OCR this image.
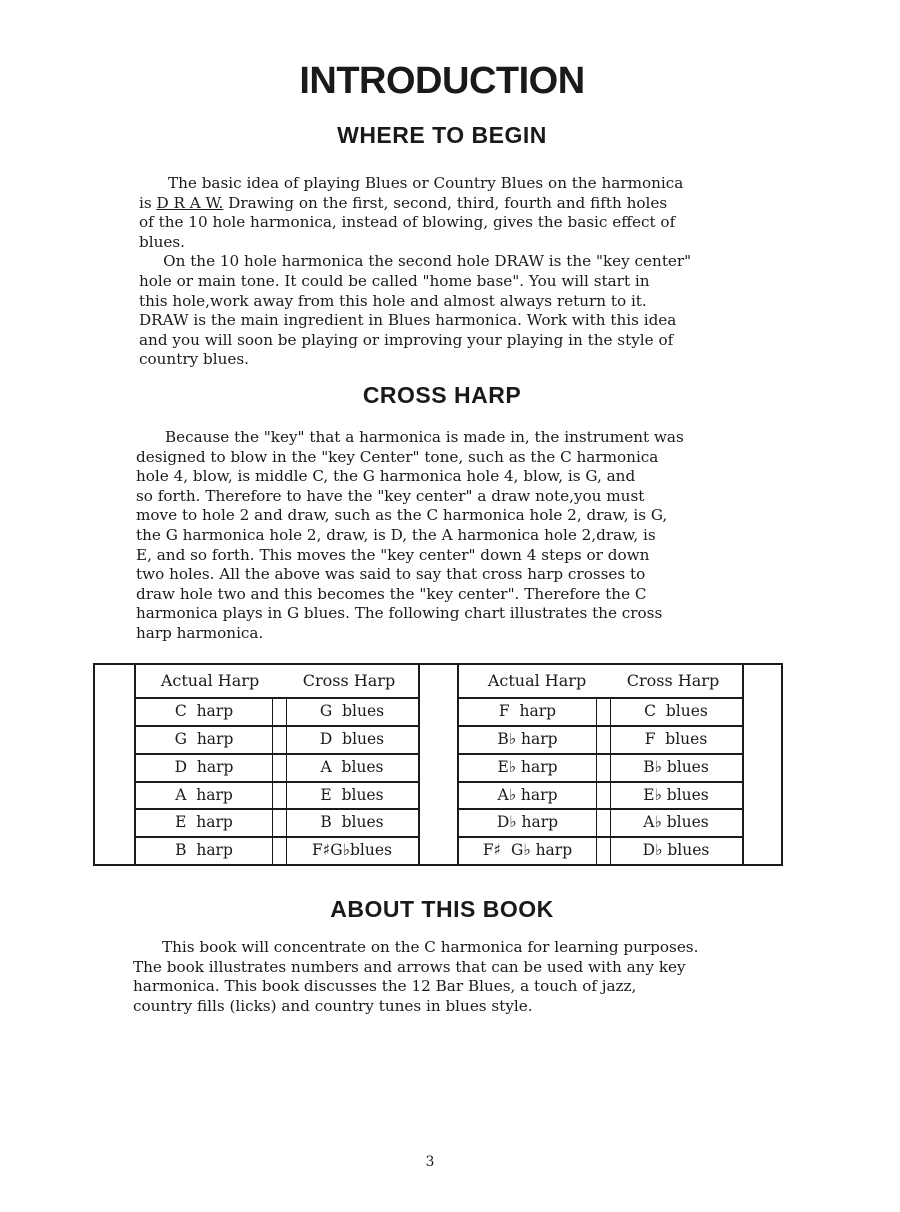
INTRODUCTION
WHERE TO BEGIN
The basic idea of playing Blues or Country Blues on the harmonica
is D R A W. Drawing on the first, second, third, fourth and fifth holes
of the 10 hole harmonica, instead of blowing, gives the basic effect of
blues.
On the 10 hole harmonica the second hole DRAW is the "key center"
hole or main tone. It could be called "home base". You will start in
this hole,work away from this hole and almost always return to it.
DRAW is the main ingredient in Blues harmonica. Work with this idea
and you will soon be playing or improving your playing in the style of
country blues.
CROSS HARP
Because the "key" that a harmonica is made in, the instrument was
designed to blow in the "key Center" tone, such as the C harmonica
hole 4, blow, is middle C, the G harmonica hole 4, blow, is G, and
so forth. Therefore to have the "key center" a draw note,you must
move to hole 2 and draw, such as the C harmonica hole 2, draw, is G,
the G harmonica hole 2, draw, is D, the A harmonica hole 2,draw, is
E, and so forth. This moves the "key center" down 4 steps or down
two holes. All the above was said to say that cross harp crosses to
draw hole two and this becomes the "key center". Therefore the C
harmonica plays in G blues. The following chart illustrates the cross
harp harmonica.
Actual Harp	Cross Harp	Actual Harp	Cross Harp
C  harp	G  blues	F  harp	C  blues
G  harp	D  blues	B♭ harp	F  blues
D  harp	A  blues	E♭ harp	B♭ blues
A  harp	E  blues	A♭ harp	E♭ blues
E  harp	B  blues	D♭ harp	A♭ blues
B  harp	F♯G♭blues	F♯  G♭ harp	D♭ blues
ABOUT THIS BOOK
This book will concentrate on the C harmonica for learning purposes.
The book illustrates numbers and arrows that can be used with any key
harmonica. This book discusses the 12 Bar Blues, a touch of jazz,
country fills (licks) and country tunes in blues style.
3
